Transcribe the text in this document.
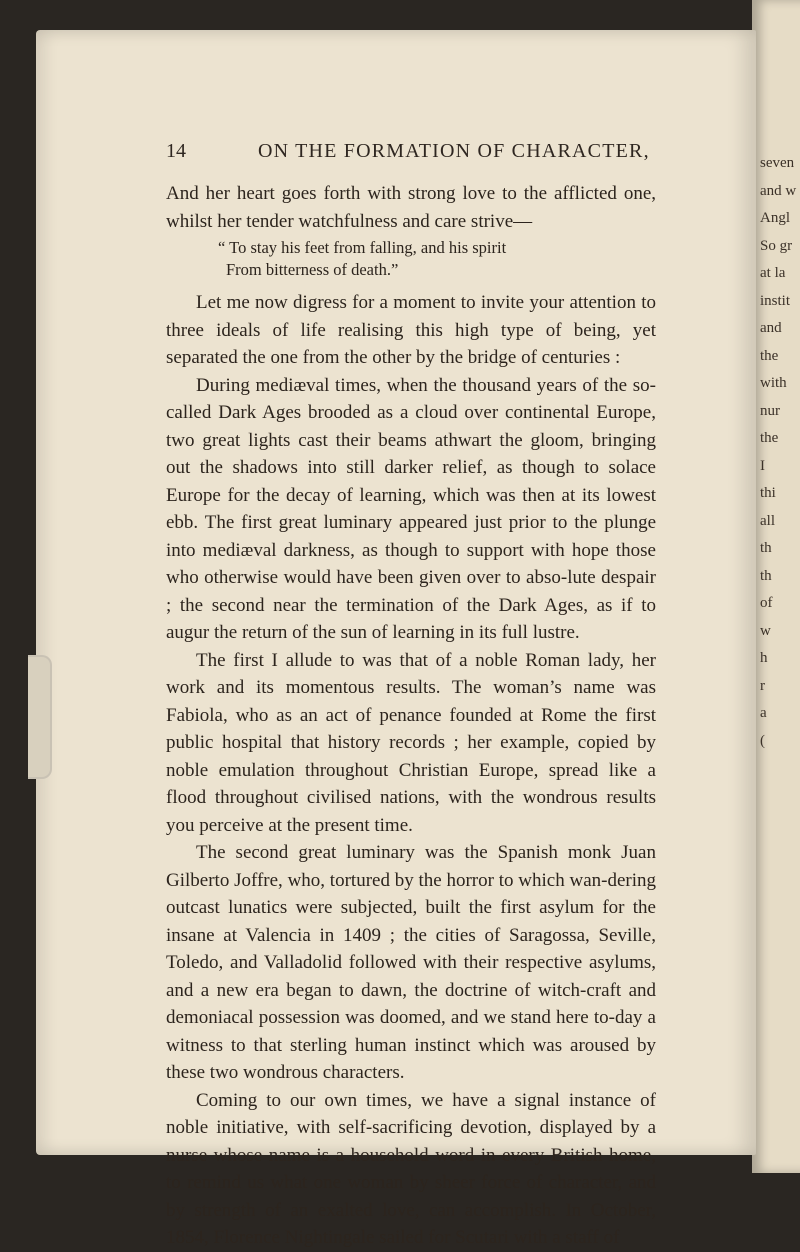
seven
and w
Angl
So gr
at la
instit
and
the
with
nur
the
I
thi
all
th
th
of
w
h
r
a
(
14	ON THE FORMATION OF CHARACTER,

And her heart goes forth with strong love to the afflicted one, whilst her tender watchfulness and care strive—

“ To stay his feet from falling, and his spirit
From bitterness of death.”

Let me now digress for a moment to invite your attention to three ideals of life realising this high type of being, yet separated the one from the other by the bridge of centuries :

During mediæval times, when the thousand years of the so-called Dark Ages brooded as a cloud over continental Europe, two great lights cast their beams athwart the gloom, bringing out the shadows into still darker relief, as though to solace Europe for the decay of learning, which was then at its lowest ebb. The first great luminary appeared just prior to the plunge into mediæval darkness, as though to support with hope those who otherwise would have been given over to abso-lute despair ; the second near the termination of the Dark Ages, as if to augur the return of the sun of learning in its full lustre.

The first I allude to was that of a noble Roman lady, her work and its momentous results. The woman’s name was Fabiola, who as an act of penance founded at Rome the first public hospital that history records ; her example, copied by noble emulation throughout Christian Europe, spread like a flood throughout civilised nations, with the wondrous results you perceive at the present time.

The second great luminary was the Spanish monk Juan Gilberto Joffre, who, tortured by the horror to which wan-dering outcast lunatics were subjected, built the first asylum for the insane at Valencia in 1409 ; the cities of Saragossa, Seville, Toledo, and Valladolid followed with their respective asylums, and a new era began to dawn, the doctrine of witch-craft and demoniacal possession was doomed, and we stand here to-day a witness to that sterling human instinct which was aroused by these two wondrous characters.

Coming to our own times, we have a signal instance of noble initiative, with self-sacrificing devotion, displayed by a nurse whose name is a household word in every British home, to remind us what one woman by sheer force of character, and by strength of an exalted love, can accomplish. In October, 1854, Florence Nightingale sailed for Scutari with a staff of
